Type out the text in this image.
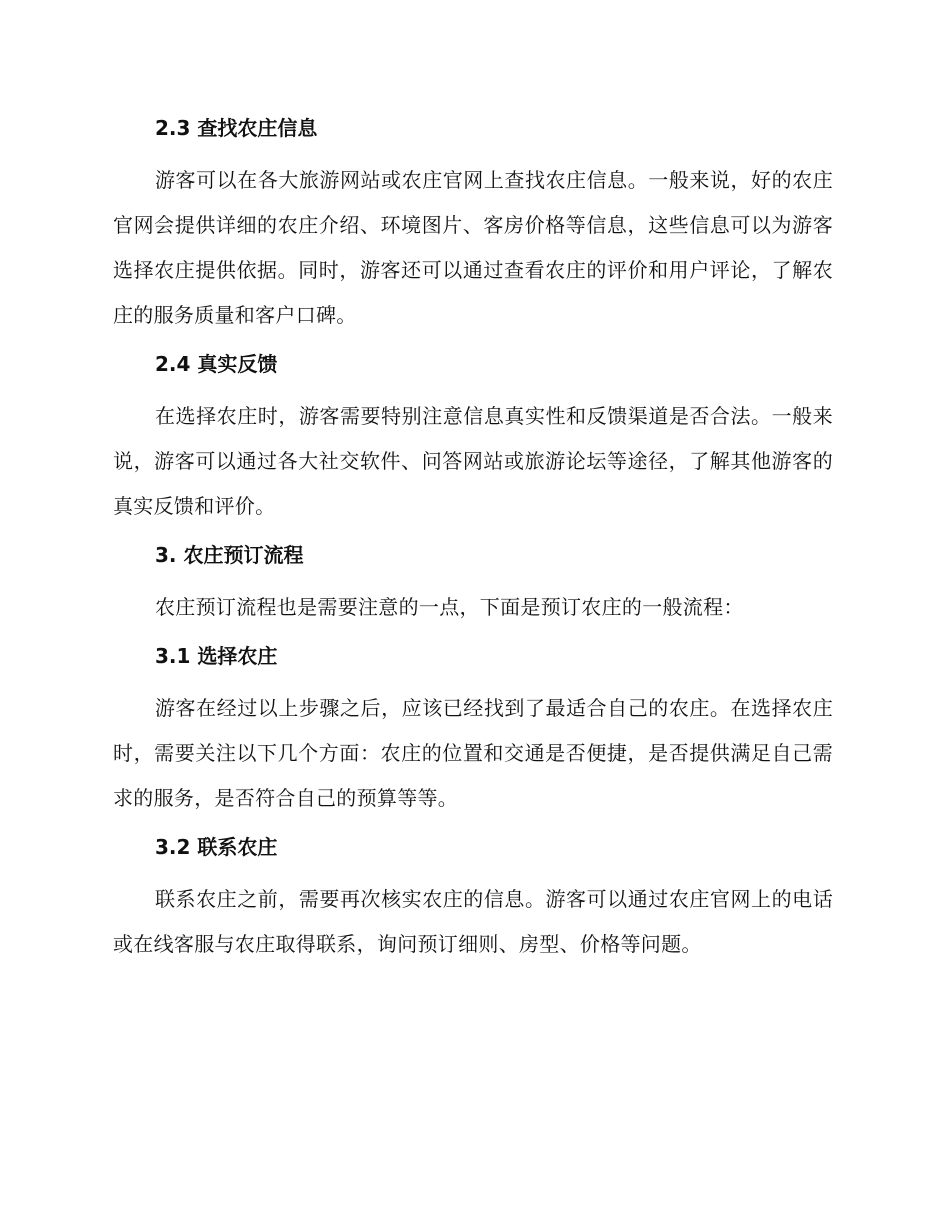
2.3 查找农庄信息

游客可以在各大旅游网站或农庄官网上查找农庄信息。一般来说，好的农庄官网会提供详细的农庄介绍、环境图片、客房价格等信息，这些信息可以为游客选择农庄提供依据。同时，游客还可以通过查看农庄的评价和用户评论，了解农庄的服务质量和客户口碑。

2.4 真实反馈

在选择农庄时，游客需要特别注意信息真实性和反馈渠道是否合法。一般来说，游客可以通过各大社交软件、问答网站或旅游论坛等途径，了解其他游客的真实反馈和评价。

3. 农庄预订流程

农庄预订流程也是需要注意的一点，下面是预订农庄的一般流程：

3.1 选择农庄

游客在经过以上步骤之后，应该已经找到了最适合自己的农庄。在选择农庄时，需要关注以下几个方面：农庄的位置和交通是否便捷，是否提供满足自己需求的服务，是否符合自己的预算等等。

3.2 联系农庄

联系农庄之前，需要再次核实农庄的信息。游客可以通过农庄官网上的电话或在线客服与农庄取得联系，询问预订细则、房型、价格等问题。
